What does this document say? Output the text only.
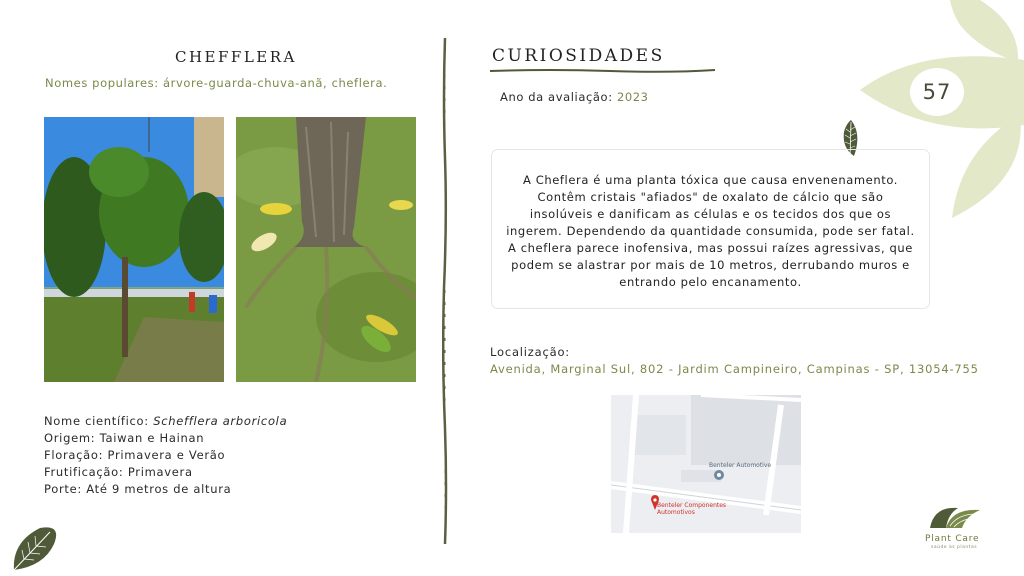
CHEFFLERA
Nomes populares: árvore-guarda-chuva-anã, cheflera.
Nome científico: Schefflera arboricola
Origem: Taiwan e Hainan
Floração: Primavera e Verão
Frutificação: Primavera
Porte: Até 9 metros de altura
CURIOSIDADES
Ano da avaliação: 2023	57
A Cheflera é uma planta tóxica que causa envenenamento. Contêm cristais "afiados" de oxalato de cálcio que são insolúveis e danificam as células e os tecidos dos que os ingerem. Dependendo da quantidade consumida, pode ser fatal. A cheflera parece inofensiva, mas possui raízes agressivas, que podem se alastrar por mais de 10 metros, derrubando muros e entrando pelo encanamento.
Localização:
Avenida, Marginal Sul, 802 - Jardim Campineiro, Campinas - SP, 13054-755
Benteler Automotive
Benteler Componentes Automotivos
Plant Care
saúde às plantas
